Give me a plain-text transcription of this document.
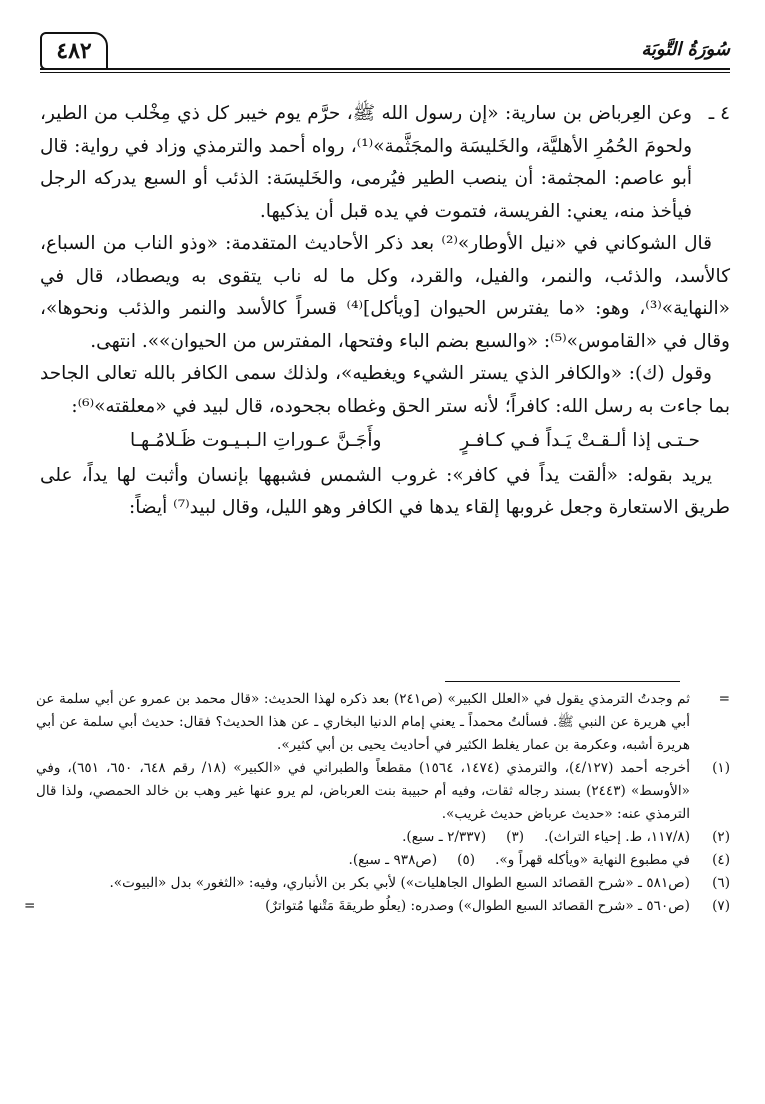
٤٨٢	سُورَةُ التَّوبَة

٤ ـ
وعن العِرباض بن سارية: «إن رسول الله ﷺ، حرَّم يوم خيبر كل ذي مِخْلب من الطير، ولحومَ الحُمُرِ الأهليَّة، والخَليسَة والمجَثَّمة»⁽¹⁾، رواه أحمد والترمذي وزاد في رواية: قال أبو عاصم: المجثمة: أن ينصب الطير فيُرمى، والخَليسَة: الذئب أو السبع يدركه الرجل فيأخذ منه، يعني: الفريسة، فتموت في يده قبل أن يذكيها.

قال الشوكاني في «نيل الأوطار»⁽²⁾ بعد ذكر الأحاديث المتقدمة: «وذو الناب من السباع، كالأسد، والذئب، والنمر، والفيل، والقرد، وكل ما له ناب يتقوى به ويصطاد، قال في «النهاية»⁽³⁾، وهو: «ما يفترس الحيوان [ويأكل]⁽⁴⁾ قسراً كالأسد والنمر والذئب ونحوها»، وقال في «القاموس»⁽⁵⁾: «والسبع بضم الباء وفتحها، المفترس من الحيوان»». انتهى.

وقول (ك): «والكافر الذي يستر الشيء ويغطيه»، ولذلك سمى الكافر بالله تعالى الجاحد بما جاءت به رسل الله: كافراً؛ لأنه ستر الحق وغطاه بجحوده، قال لبيد في «معلقته»⁽⁶⁾:

حـتـى إذا ألـقـتْ يَـداً فـي كـافـرٍ
وأَجَـنَّ عـوراتِ الـبـيـوت ظَـلامُـهـا

يريد بقوله: «ألقت يداً في كافر»: غروب الشمس فشبهها بإنسان وأثبت لها يداً، على طريق الاستعارة وجعل غروبها إلقاء يدها في الكافر وهو الليل، وقال لبيد⁽⁷⁾ أيضاً:

=
ثم وجدتُ الترمذي يقول في «العلل الكبير» (ص٢٤١) بعد ذكره لهذا الحديث: «قال محمد بن عمرو عن أبي سلمة عن أبي هريرة عن النبي ﷺ. فسألتُ محمداً ـ يعني إمام الدنيا البخاري ـ عن هذا الحديث؟ فقال: حديث أبي سلمة عن أبي هريرة أشبه، وعكرمة بن عمار يغلط الكثير في أحاديث يحيى بن أبي كثير».

(١)
أخرجه أحمد (٤/١٢٧)، والترمذي (١٤٧٤، ١٥٦٤) مقطعاً والطبراني في «الكبير» (١٨/ رقم ٦٤٨، ٦٥٠، ٦٥١)، وفي «الأوسط» (٢٤٤٣) بسند رجاله ثقات، وفيه أم حبيبة بنت العرباض، لم يرو عنها غير وهب بن خالد الحمصي، ولذا قال الترمذي عنه: «حديث عرباض حديث غريب».

(٢)
(١١٧/٨، ط. إحياء التراث).
(٣)
(٢/٣٣٧ ـ سبع).
(٤)
في مطبوع النهاية «ويأكله قهراً و».
(٥)
(ص٩٣٨ ـ سبع).

(٦)
(ص٥٨١ ـ «شرح القصائد السبع الطوال الجاهليات») لأبي بكر بن الأنباري، وفيه: «الثغور» بدل «البيوت».

(٧)
(ص٥٦٠ ـ «شرح القصائد السبع الطوال») وصدره: (يعلُو طريقةَ مَتْنها مُتواترٌ)
=
